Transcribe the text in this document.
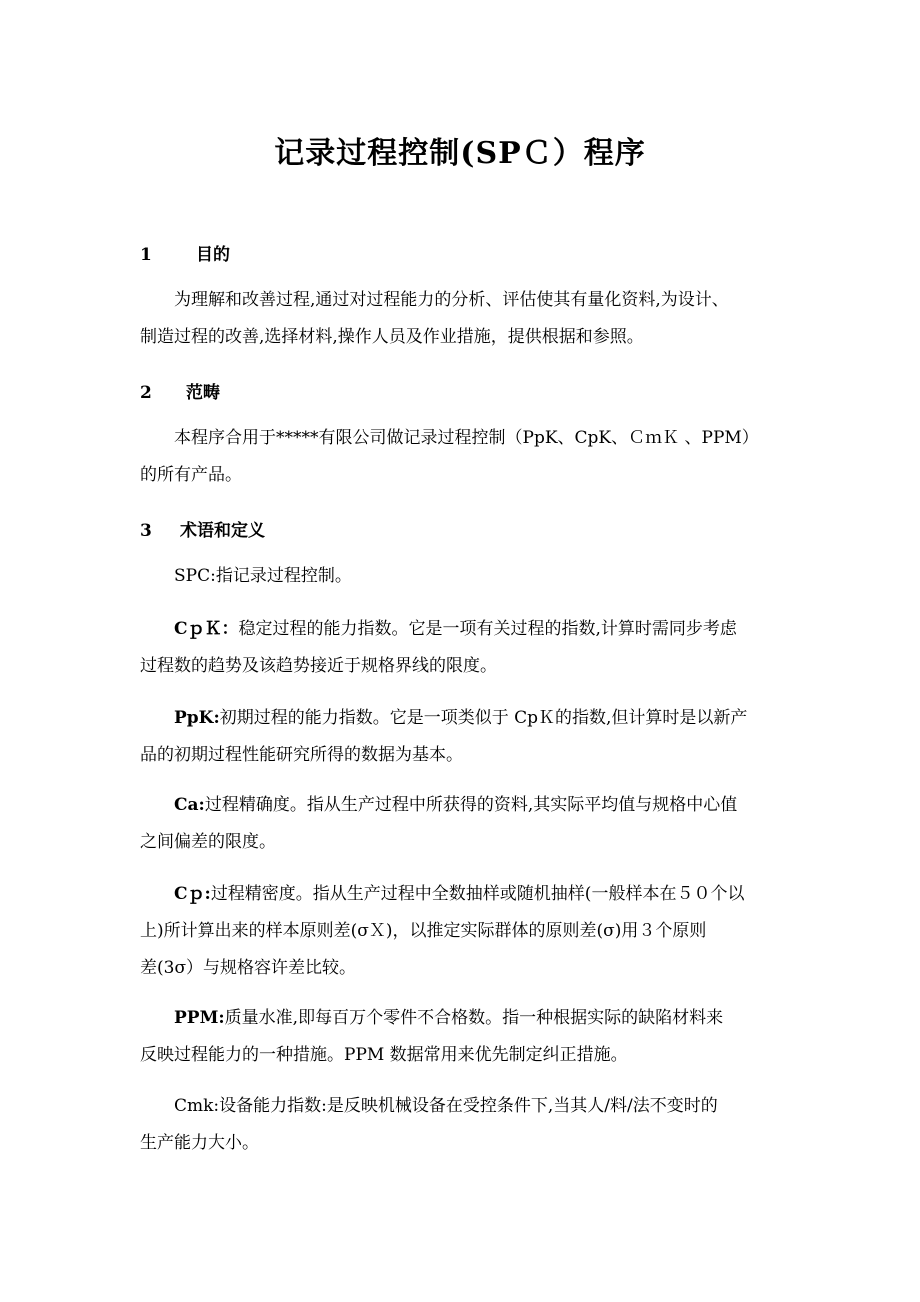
记录过程控制(SPＣ）程序
1	目的
为理解和改善过程,通过对过程能力的分析、评估使其有量化资料,为设计、
制造过程的改善,选择材料,操作人员及作业措施，提供根据和参照。
2 范畴
本程序合用于*****有限公司做记录过程控制（PpK、CpK、ＣｍＫ 、PPM）
的所有产品。
3 术语和定义
SPC:指记录过程控制。
CｐＫ：稳定过程的能力指数。它是一项有关过程的指数,计算时需同步考虑
过程数的趋势及该趋势接近于规格界线的限度。
PpK:初期过程的能力指数。它是一项类似于 CpＫ的指数,但计算时是以新产
品的初期过程性能研究所得的数据为基本。
Ca:过程精确度。指从生产过程中所获得的资料,其实际平均值与规格中心值
之间偏差的限度。
Cｐ:过程精密度。指从生产过程中全数抽样或随机抽样(一般样本在５０个以
上)所计算出来的样本原则差(σＸ)，以推定实际群体的原则差(σ)用３个原则
差(3σ）与规格容许差比较。
PPM:质量水准,即每百万个零件不合格数。指一种根据实际的缺陷材料来
反映过程能力的一种措施。PPM 数据常用来优先制定纠正措施。
Cmk:设备能力指数:是反映机械设备在受控条件下,当其人/料/法不变时的
生产能力大小。
